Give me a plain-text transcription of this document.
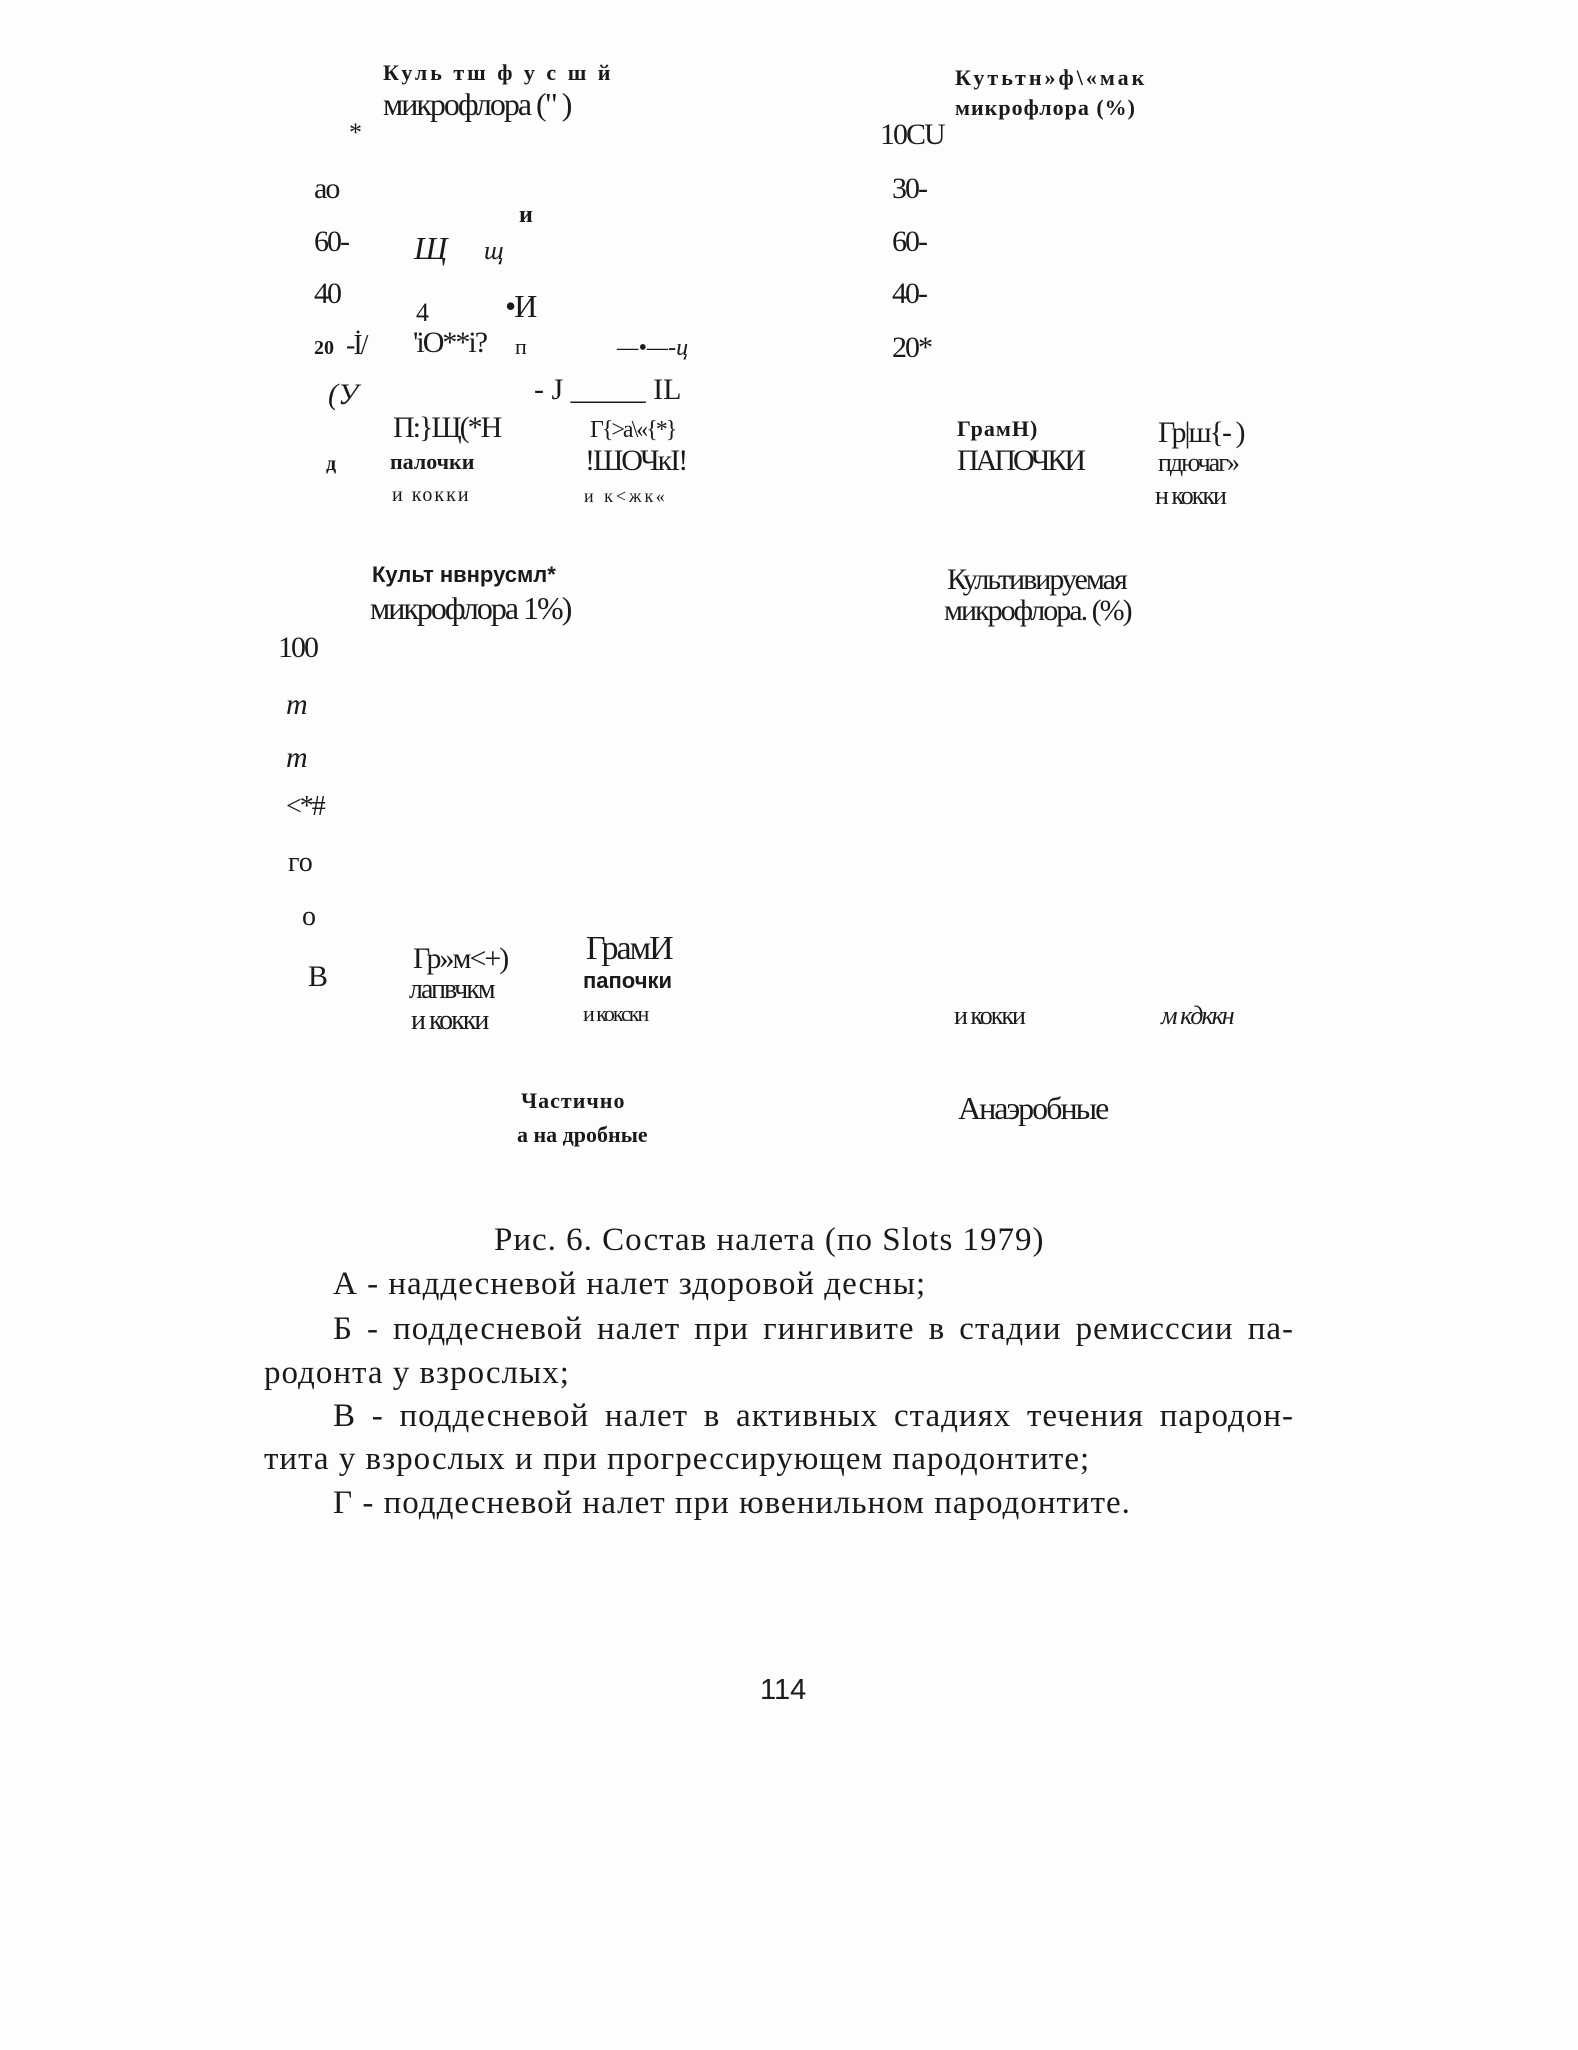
Куль тш ф у с ш й
микрофлора (" )
*
ао
60-
40
20
и
Щ щ
4 •И
-İ/ 'iO**i? п	—•—-ц
(У	- J _____ IL
П:}Щ(*Н
палочки
и кокки
Г{>а\«{*}
!ШОЧкI!
и к<жк«
д
Кутьтн»ф\«мак
микрофлора (%)
10CU
30-
60-
40-
20*
ГрамН)
ПАПОЧКИ
Гр|ш{- )
пдючаг»
н кокки
Культ нвнрусмл*
микрофлора 1%)
100
т
т
<*#
го
о
В
Гр»м<+)
лапвчкм
и кокки
ГрамИ
папочки
и кокскн
Частично
а на дробные
Культивируемая
микрофлора. (%)
и кокки	м кдккн
Анаэробные
Рис. 6. Состав налета (по Slots 1979)
А - наддесневой налет здоровой десны;
Б - поддесневой налет при гингивите в стадии ремисссии па-
родонта у взрослых;
В - поддесневой налет в активных стадиях течения пародон-
тита у взрослых и при прогрессирующем пародонтите;
Г - поддесневой налет при ювенильном пародонтите.
114
